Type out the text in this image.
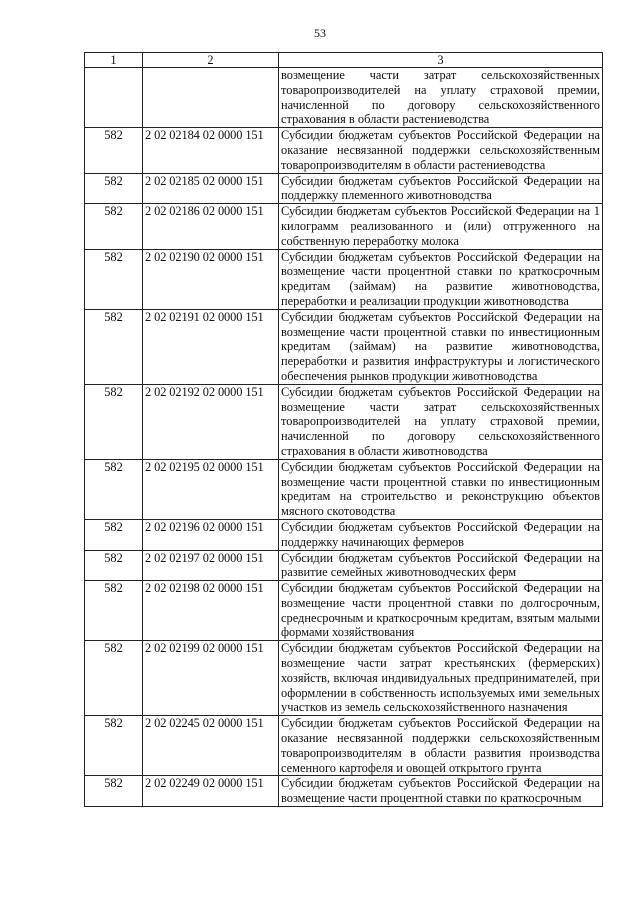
53
1	2	3
		возмещение части затрат сельскохозяйственных товаропроизводителей на уплату страховой премии, начисленной по договору сельскохозяйственного страхования в области растениеводства
582	2 02 02184 02 0000 151	Субсидии бюджетам субъектов Российской Федерации на оказание несвязанной поддержки сельскохозяйственным товаропроизводителям в области растениеводства
582	2 02 02185 02 0000 151	Субсидии бюджетам субъектов Российской Федерации на поддержку племенного животноводства
582	2 02 02186 02 0000 151	Субсидии бюджетам субъектов Российской Федерации на 1 килограмм реализованного и (или) отгруженного на собственную переработку молока
582	2 02 02190 02 0000 151	Субсидии бюджетам субъектов Российской Федерации на возмещение части процентной ставки по краткосрочным кредитам (займам) на развитие животноводства, переработки и реализации продукции животноводства
582	2 02 02191 02 0000 151	Субсидии бюджетам субъектов Российской Федерации на возмещение части процентной ставки по инвестиционным кредитам (займам) на развитие животноводства, переработки и развития инфраструктуры и логистического обеспечения рынков продукции животноводства
582	2 02 02192 02 0000 151	Субсидии бюджетам субъектов Российской Федерации на возмещение части затрат сельскохозяйственных товаропроизводителей на уплату страховой премии, начисленной по договору сельскохозяйственного страхования в области животноводства
582	2 02 02195 02 0000 151	Субсидии бюджетам субъектов Российской Федерации на возмещение части процентной ставки по инвестиционным кредитам на строительство и реконструкцию объектов мясного скотоводства
582	2 02 02196 02 0000 151	Субсидии бюджетам субъектов Российской Федерации на поддержку начинающих фермеров
582	2 02 02197 02 0000 151	Субсидии бюджетам субъектов Российской Федерации на развитие семейных животноводческих ферм
582	2 02 02198 02 0000 151	Субсидии бюджетам субъектов Российской Федерации на возмещение части процентной ставки по долгосрочным, среднесрочным и краткосрочным кредитам, взятым малыми формами хозяйствования
582	2 02 02199 02 0000 151	Субсидии бюджетам субъектов Российской Федерации на возмещение части затрат крестьянских (фермерских) хозяйств, включая индивидуальных предпринимателей, при оформлении в собственность используемых ими земельных участков из земель сельскохозяйственного назначения
582	2 02 02245 02 0000 151	Субсидии бюджетам субъектов Российской Федерации на оказание несвязанной поддержки сельскохозяйственным товаропроизводителям в области развития производства семенного картофеля и овощей открытого грунта
582	2 02 02249 02 0000 151	Субсидии бюджетам субъектов Российской Федерации на возмещение части процентной ставки по краткосрочным
